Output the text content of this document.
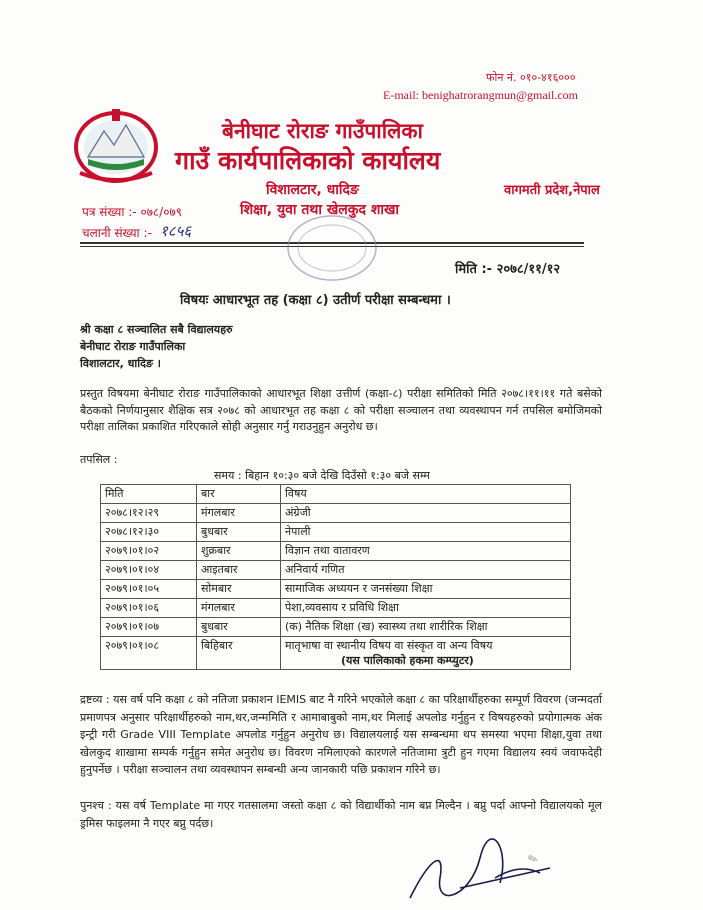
फोन नं. ०१०-४१६०००
E-mail: benighatrorangmun@gmail.com
बेनीघाट रोराङ गाउँपालिका
गाउँ कार्यपालिकाको कार्यालय
विशालटार, धादिङ	वागमती प्रदेश,नेपाल
पत्र संख्या :- ०७८/०७९	शिक्षा, युवा तथा खेलकुद शाखा
चलानी संख्या :- १८५६
मिति :- २०७८/११/१२
विषयः आधारभूत तह (कक्षा ८) उतीर्ण परीक्षा सम्बन्धमा ।
श्री कक्षा ८ सञ्चालित सबै विद्यालयहरु
बेनीघाट रोराङ गाउँपालिका
विशालटार, धादिङ ।
प्रस्तुत विषयमा बेनीघाट रोराङ गाउँपालिकाको आधारभूत शिक्षा उत्तीर्ण (कक्षा-८) परीक्षा समितिको मिति २०७८।११।११ गते बसेको बैठकको निर्णयानुसार शैक्षिक सत्र २०७८ को आधारभूत तह कक्षा ८ को परीक्षा सञ्चालन तथा व्यवस्थापन गर्न तपसिल बमोजिमको परीक्षा तालिका प्रकाशित गरिएकाले सोही अनुसार गर्नु गराउनुहुन अनुरोध छ।
तपसिल :
समय : बिहान १०:३० बजे देखि दिउँसो १:३० बजे सम्म
मिति	बार	विषय
२०७८।१२।२९	मंगलबार	अंग्रेजी
२०७८।१२।३०	बुधबार	नेपाली
२०७९।०१।०२	शुक्रबार	विज्ञान तथा वातावरण
२०७९।०१।०४	आइतबार	अनिवार्य गणित
२०७९।०१।०५	सोमबार	सामाजिक अध्ययन र जनसंख्या शिक्षा
२०७९।०१।०६	मंगलबार	पेशा,व्यवसाय र प्रविधि शिक्षा
२०७९।०१।०७	बुधबार	(क) नैतिक शिक्षा (ख) स्वास्थ्य तथा शारीरिक शिक्षा
२०७९।०१।०८	बिहिबार	मातृभाषा वा स्थानीय विषय वा संस्कृत वा अन्य विषय
(यस पालिकाको हकमा कम्प्युटर)
द्रष्टव्य : यस वर्ष पनि कक्षा ८ को नतिजा प्रकाशन IEMIS बाट नै गरिने भएकोले कक्षा ८ का परिक्षार्थीहरुका सम्पूर्ण विवरण (जन्मदर्ता प्रमाणपत्र अनुसार परिक्षार्थीहरुको नाम,थर,जन्ममिति र आमाबाबुको नाम,थर मिलाई अपलोड गर्नुहुन र विषयहरुको प्रयोगात्मक अंक इन्ट्री गरी Grade VIII Template अपलोड गर्नुहुन अनुरोध छ। विद्यालयलाई यस सम्बन्धमा थप समस्या भएमा शिक्षा,युवा तथा खेलकुद शाखामा सम्पर्क गर्नुहुन समेत अनुरोध छ। विवरण नमिलाएको कारणले नतिजामा त्रुटी हुन गएमा विद्यालय स्वयं जवाफदेही हुनुपर्नेछ । परीक्षा सञ्चालन तथा व्यवस्थापन सम्बन्धी अन्य जानकारी पछि प्रकाशन गरिने छ।
पुनश्च : यस वर्ष Template मा गएर गतसालमा जस्तो कक्षा ८ को विद्यार्थीको नाम बप्न मिल्दैन । बप्नु पर्दा आफ्नो विद्यालयको मूल ड्रमिस फाइलमा नै गएर बप्नु पर्दछ।
✎
